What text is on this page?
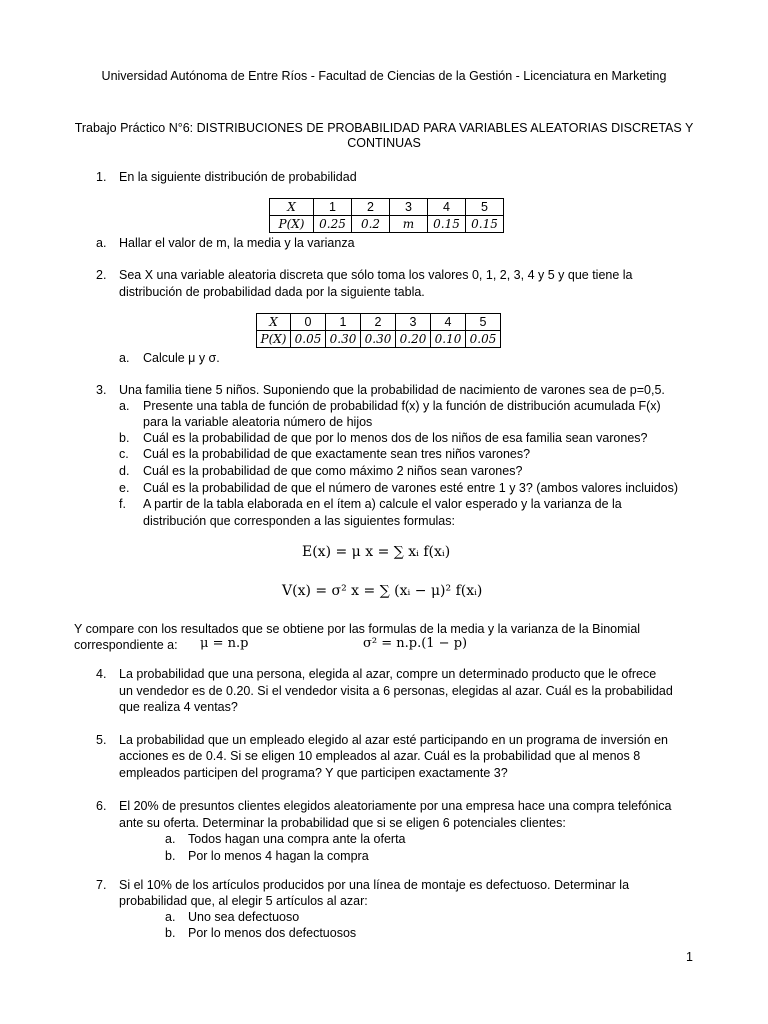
Universidad Autónoma de Entre Ríos - Facultad de Ciencias de la Gestión - Licenciatura en Marketing
Trabajo Práctico N°6: DISTRIBUCIONES DE PROBABILIDAD PARA VARIABLES ALEATORIAS DISCRETAS Y
CONTINUAS
1. En la siguiente distribución de probabilidad
X	1	2	3	4	5
P(X)	0.25	0.2	m	0.15	0.15
a. Hallar el valor de m, la media y la varianza
2. Sea X una variable aleatoria discreta que sólo toma los valores 0, 1, 2, 3, 4 y 5 y que tiene la
distribución de probabilidad dada por la siguiente tabla.
X	0	1	2	3	4	5
P(X)	0.05	0.30	0.30	0.20	0.10	0.05
a. Calcule μ y σ.
3. Una familia tiene 5 niños. Suponiendo que la probabilidad de nacimiento de varones sea de p=0,5.
a. Presente una tabla de función de probabilidad f(x) y la función de distribución acumulada F(x)
para la variable aleatoria número de hijos
b. Cuál es la probabilidad de que por lo menos dos de los niños de esa familia sean varones?
c. Cuál es la probabilidad de que exactamente sean tres niños varones?
d. Cuál es la probabilidad de que como máximo 2 niños sean varones?
e. Cuál es la probabilidad de que el número de varones esté entre 1 y 3? (ambos valores incluidos)
f. A partir de la tabla elaborada en el ítem a) calcule el valor esperado y la varianza de la
distribución que corresponden a las siguientes formulas:
E(x) = μ x = ∑ xᵢ f(xᵢ)
V(x) = σ² x = ∑ (xᵢ − μ)² f(xᵢ)
Y compare con los resultados que se obtiene por las formulas de la media y la varianza de la Binomial
correspondiente a: μ = n.p	σ² = n.p.(1 − p)
4. La probabilidad que una persona, elegida al azar, compre un determinado producto que le ofrece
un vendedor es de 0.20. Si el vendedor visita a 6 personas, elegidas al azar. Cuál es la probabilidad
que realiza 4 ventas?
5. La probabilidad que un empleado elegido al azar esté participando en un programa de inversión en
acciones es de 0.4. Si se eligen 10 empleados al azar. Cuál es la probabilidad que al menos 8
empleados participen del programa? Y que participen exactamente 3?
6. El 20% de presuntos clientes elegidos aleatoriamente por una empresa hace una compra telefónica
ante su oferta. Determinar la probabilidad que si se eligen 6 potenciales clientes:
a. Todos hagan una compra ante la oferta
b. Por lo menos 4 hagan la compra
7. Si el 10% de los artículos producidos por una línea de montaje es defectuoso. Determinar la
probabilidad que, al elegir 5 artículos al azar:
a. Uno sea defectuoso
b. Por lo menos dos defectuosos
1
